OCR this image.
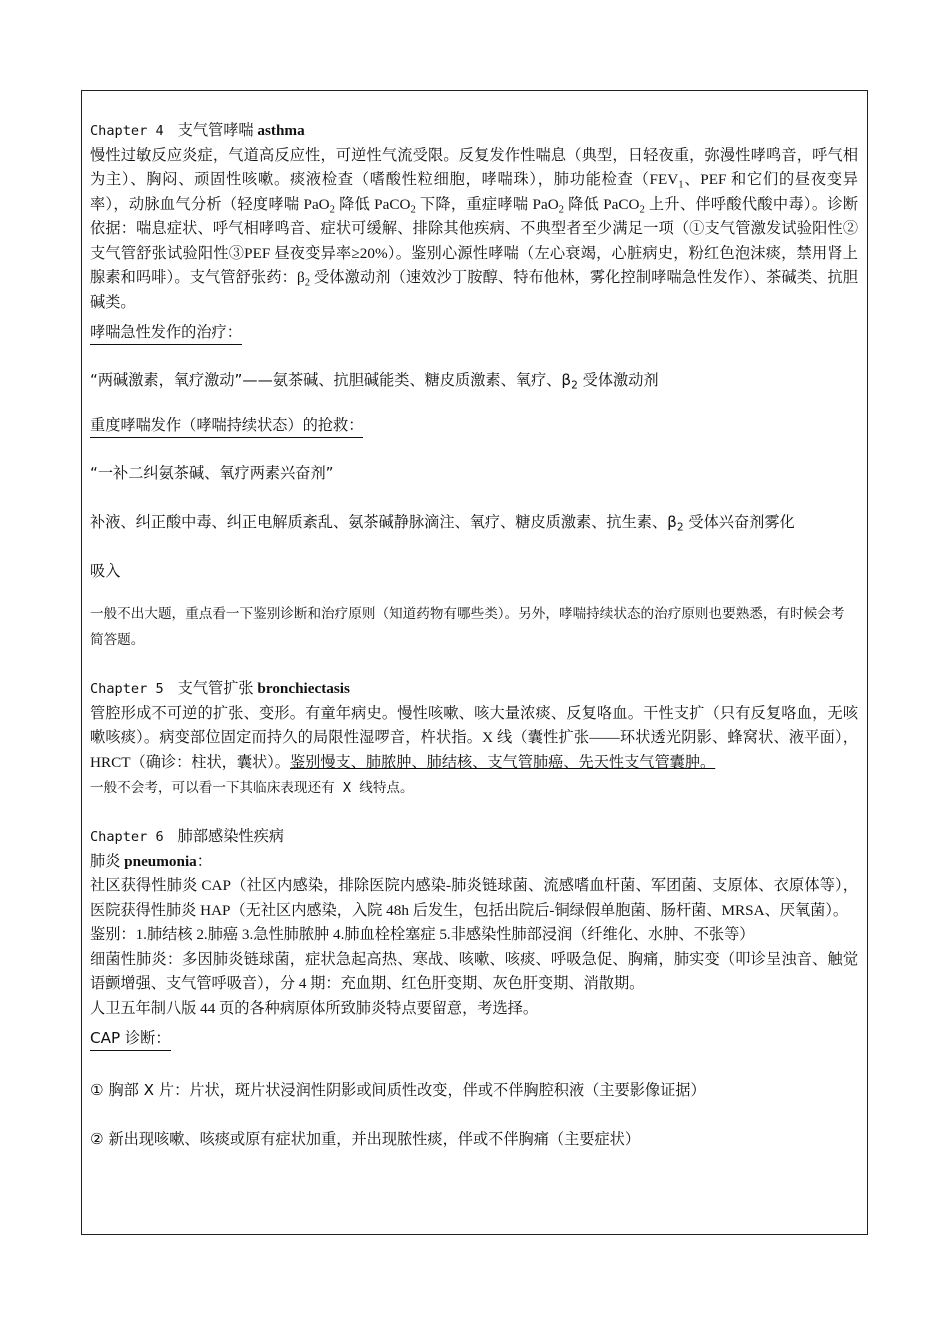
Chapter 4 支气管哮喘 asthma

慢性过敏反应炎症，气道高反应性，可逆性气流受限。反复发作性喘息（典型，日轻夜重，弥漫性哮鸣音，呼气相为主）、胸闷、顽固性咳嗽。痰液检查（嗜酸性粒细胞，哮喘珠），肺功能检查（$FEV_1$、PEF 和它们的昼夜变异率），动脉血气分析（轻度哮喘 PaO$_2$ 降低 PaCO$_2$ 下降，重症哮喘 PaO$_2$ 降低 PaCO$_2$ 上升、伴呼酸代酸中毒）。诊断依据：喘息症状、呼气相哮鸣音、症状可缓解、排除其他疾病、不典型者至少满足一项（①支气管激发试验阳性②支气管舒张试验阳性③PEF 昼夜变异率≥20%）。鉴别心源性哮喘（左心衰竭，心脏病史，粉红色泡沫痰，禁用肾上腺素和吗啡）。支气管舒张药：$\beta_2$ 受体激动剂（速效沙丁胺醇、特布他林，雾化控制哮喘急性发作）、茶碱类、抗胆碱类。

哮喘急性发作的治疗：

“两碱激素，氧疗激动”——氨茶碱、抗胆碱能类、糖皮质激素、氧疗、$\beta_2$ 受体激动剂

重度哮喘发作（哮喘持续状态）的抢救：

“一补二纠氨茶碱、氧疗两素兴奋剂”

补液、纠正酸中毒、纠正电解质紊乱、氨茶碱静脉滴注、氧疗、糖皮质激素、抗生素、$\beta_2$ 受体兴奋剂雾化

吸入

一般不出大题，重点看一下鉴别诊断和治疗原则（知道药物有哪些类）。另外，哮喘持续状态的治疗原则也要熟悉，有时候会考简答题。

Chapter 5 支气管扩张 bronchiectasis

管腔形成不可逆的扩张、变形。有童年病史。慢性咳嗽、咳大量浓痰、反复咯血。干性支扩（只有反复咯血，无咳嗽咳痰）。病变部位固定而持久的局限性湿啰音，杵状指。X 线（囊性扩张——环状透光阴影、蜂窝状、液平面），HRCT（确诊：柱状，囊状）。鉴别慢支、肺脓肿、肺结核、支气管肺癌、先天性支气管囊肿。

一般不会考，可以看一下其临床表现还有 X 线特点。

Chapter 6 肺部感染性疾病

肺炎 pneumonia：

社区获得性肺炎 CAP（社区内感染，排除医院内感染-肺炎链球菌、流感嗜血杆菌、军团菌、支原体、衣原体等），医院获得性肺炎 HAP（无社区内感染，入院 48h 后发生，包括出院后-铜绿假单胞菌、肠杆菌、MRSA、厌氧菌）。

鉴别：1.肺结核 2.肺癌 3.急性肺脓肿 4.肺血栓栓塞症 5.非感染性肺部浸润（纤维化、水肿、不张等）

细菌性肺炎：多因肺炎链球菌，症状急起高热、寒战、咳嗽、咳痰、呼吸急促、胸痛，肺实变（叩诊呈浊音、触觉语颤增强、支气管呼吸音），分 4 期：充血期、红色肝变期、灰色肝变期、消散期。

人卫五年制八版 44 页的各种病原体所致肺炎特点要留意，考选择。

CAP 诊断：

① 胸部 X 片：片状，斑片状浸润性阴影或间质性改变，伴或不伴胸腔积液（主要影像证据）

② 新出现咳嗽、咳痰或原有症状加重，并出现脓性痰，伴或不伴胸痛（主要症状）
